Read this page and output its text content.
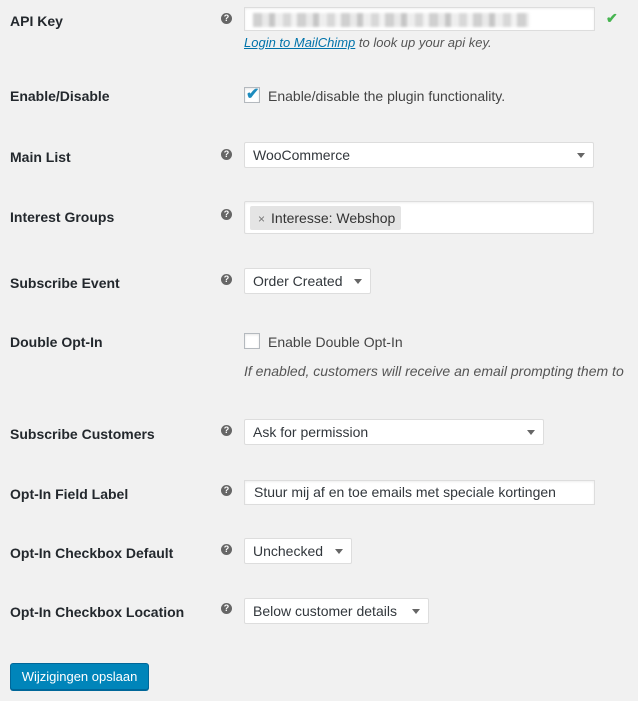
API Key	?	✔
Login to MailChimp to look up your api key.
Enable/Disable	✔ Enable/disable the plugin functionality.
Main List	?	WooCommerce
Interest Groups	?	× Interesse: Webshop
Subscribe Event	?	Order Created
Double Opt-In	Enable Double Opt-In
If enabled, customers will receive an email prompting them to
Subscribe Customers	?	Ask for permission
Opt-In Field Label	?	Stuur mij af en toe emails met speciale kortingen
Opt-In Checkbox Default	?	Unchecked
Opt-In Checkbox Location	?	Below customer details
Wijzigingen opslaan
